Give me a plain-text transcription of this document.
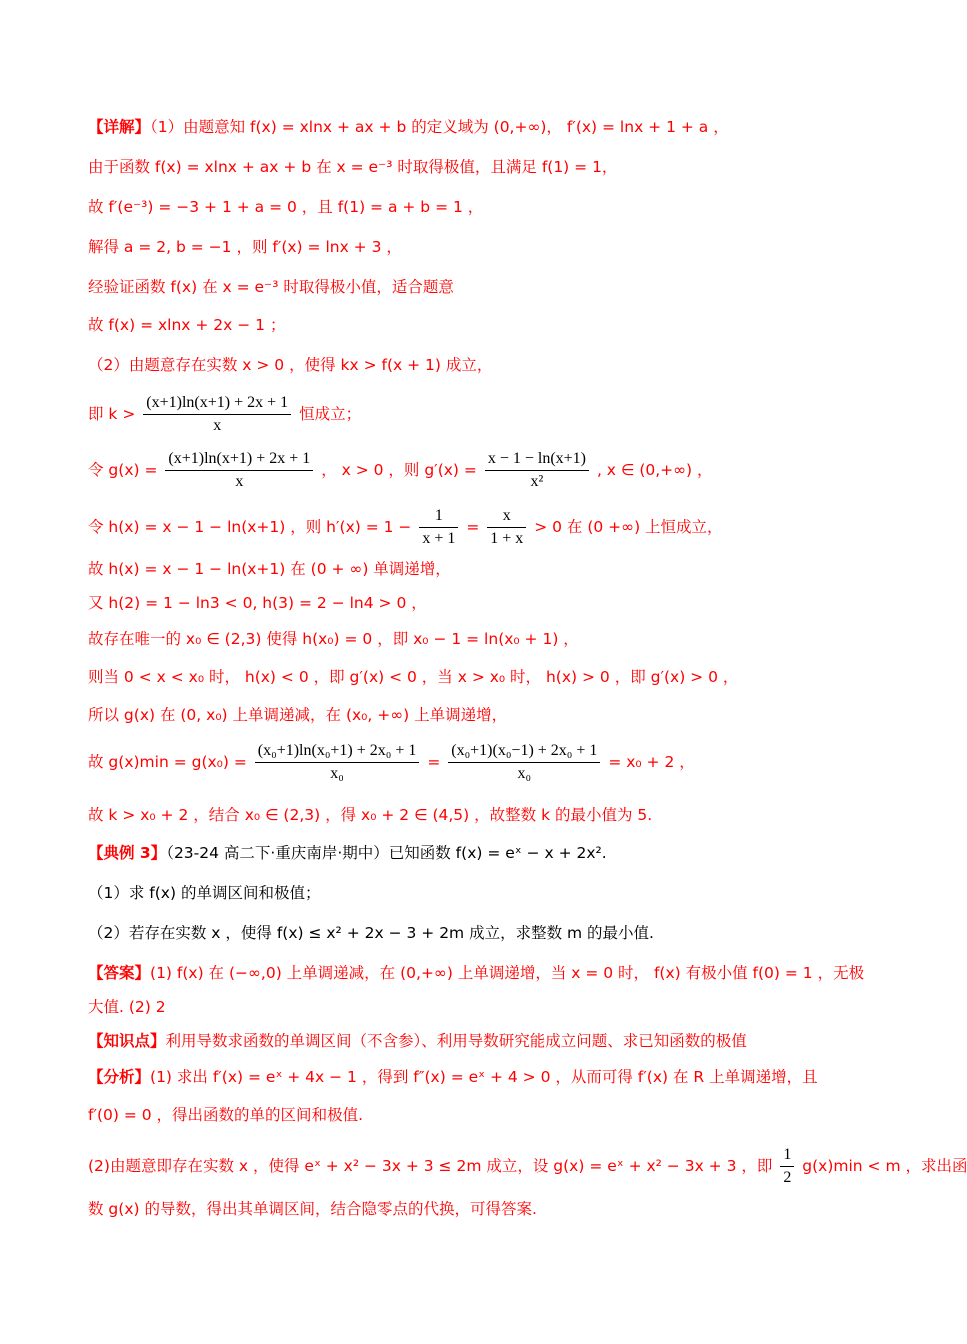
【详解】（1）由题意知 f(x) = xlnx + ax + b 的定义域为 (0,+∞)， f′(x) = lnx + 1 + a ，
由于函数 f(x) = xlnx + ax + b 在 x = e⁻³ 时取得极值，且满足 f(1) = 1，
故 f′(e⁻³) = −3 + 1 + a = 0 ，且 f(1) = a + b = 1 ，
解得 a = 2, b = −1 ，则 f′(x) = lnx + 3 ，
经验证函数 f(x) 在 x = e⁻³ 时取得极小值，适合题意
故 f(x) = xlnx + 2x − 1 ；
（2）由题意存在实数 x > 0 ，使得 kx > f(x + 1) 成立，
即 $k > \frac{(x+1)\ln(x+1) + 2x + 1}{x}$ 恒成立；
令 $g(x) = \frac{(x+1)\ln(x+1) + 2x + 1}{x}$ ， x > 0 ，则 $g'(x) = \frac{x - 1 - \ln(x+1)}{\text{x²}}$ , x ∈ (0,+∞) ，
令 h(x) = x − 1 − ln(x+1) ，则 $h'(x) = 1 - \frac{1}{x + 1} = \frac{x}{1 + x} > 0$ 在 (0 +∞) 上恒成立，
故 h(x) = x − 1 − ln(x+1) 在 (0 + ∞) 单调递增，
又 h(2) = 1 − ln3 < 0, h(3) = 2 − ln4 > 0 ，
故存在唯一的 x₀ ∈ (2,3) 使得 h(x₀) = 0 ，即 x₀ − 1 = ln(x₀ + 1) ，
则当 0 < x < x₀ 时， h(x) < 0 ，即 g′(x) < 0 ，当 x > x₀ 时， h(x) > 0 ，即 g′(x) > 0 ，
所以 g(x) 在 (0, x₀) 上单调递减，在 (x₀, +∞) 上单调递增，
故 $g(x)\min = g(x_0) = \frac{\text{(x₀+1)ln(x₀+1) + 2x₀ + 1}}{\text{x₀}} = \frac{\text{(x₀+1)(x₀−1) + 2x₀ + 1}}{\text{x₀}} = x_0 + 2$ ，
故 k > x₀ + 2 ，结合 x₀ ∈ (2,3) ，得 x₀ + 2 ∈ (4,5) ，故整数 k 的最小值为 5.
【典例 3】（23-24 高二下·重庆南岸·期中）已知函数 f(x) = eˣ − x + 2x².
（1）求 f(x) 的单调区间和极值；
（2）若存在实数 x ，使得 f(x) ≤ x² + 2x − 3 + 2m 成立，求整数 m 的最小值.
【答案】(1) f(x) 在 (−∞,0) 上单调递减，在 (0,+∞) 上单调递增，当 x = 0 时， f(x) 有极小值 f(0) = 1 ，无极
大值. (2) 2
【知识点】利用导数求函数的单调区间（不含参）、利用导数研究能成立问题、求已知函数的极值
【分析】(1) 求出 f′(x) = eˣ + 4x − 1 ，得到 f″(x) = eˣ + 4 > 0 ，从而可得 f′(x) 在 R 上单调递增，且
f′(0) = 0 ，得出函数的单的区间和极值.
(2)由题意即存在实数 x ，使得 eˣ + x² − 3x + 3 ≤ 2m 成立，设 g(x) = eˣ + x² − 3x + 3 ，即 $\frac{1}{2} g(x)\min < m$ ，求出函
数 g(x) 的导数，得出其单调区间，结合隐零点的代换，可得答案.
